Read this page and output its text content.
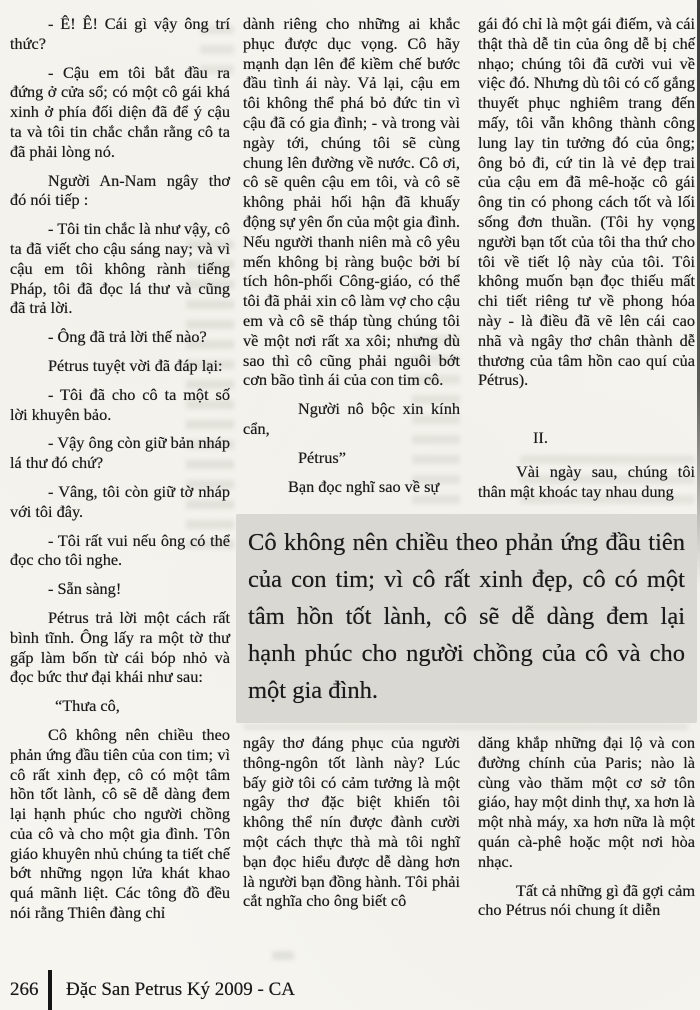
- Ê! Ê! Cái gì vậy ông trí thức?

- Cậu em tôi bắt đầu ra đứng ở cửa sổ; có một cô gái khá xinh ở phía đối diện đã để ý cậu ta và tôi tin chắc chắn rằng cô ta đã phải lòng nó.

Người An-Nam ngây thơ đó nói tiếp :

- Tôi tin chắc là như vậy, cô ta đã viết cho cậu sáng nay; và vì cậu em tôi không rành tiếng Pháp, tôi đã đọc lá thư và cũng đã trả lời.

- Ông đã trả lời thế nào?

Pétrus tuyệt vời đã đáp lại:

- Tôi đã cho cô ta một số lời khuyên bảo.

- Vậy ông còn giữ bản nháp lá thư đó chứ?

- Vâng, tôi còn giữ tờ nháp với tôi đây.

- Tôi rất vui nếu ông có thể đọc cho tôi nghe.

- Sẵn sàng!

Pétrus trả lời một cách rất bình tĩnh. Ông lấy ra một tờ thư gấp làm bốn từ cái bóp nhỏ và đọc bức thư đại khái như sau:

“Thưa cô,

Cô không nên chiều theo phản ứng đầu tiên của con tim; vì cô rất xinh đẹp, cô có một tâm hồn tốt lành, cô sẽ dễ dàng đem lại hạnh phúc cho người chồng của cô và cho một gia đình. Tôn giáo khuyên nhủ chúng ta tiết chế bớt những ngọn lửa khát khao quá mãnh liệt. Các tông đồ đều nói rằng Thiên đàng chỉ

dành riêng cho những ai khắc phục được dục vọng. Cô hãy mạnh dạn lên để kiềm chế bước đầu tình ái này. Vả lại, cậu em tôi không thể phá bỏ đức tin vì cậu đã có gia đình; - và trong vài ngày tới, chúng tôi sẽ cùng chung lên đường về nước. Cô ơi, cô sẽ quên cậu em tôi, và cô sẽ không phải hối hận đã khuấy động sự yên ổn của một gia đình. Nếu người thanh niên mà cô yêu mến không bị ràng buộc bởi bí tích hôn-phối Công-giáo, có thể tôi đã phải xin cô làm vợ cho cậu em và cô sẽ tháp tùng chúng tôi về một nơi rất xa xôi; nhưng dù sao thì cô cũng phải nguôi bớt cơn bão tình ái của con tim cô.

Người nô bộc xin kính cẩn,

Pétrus”

Bạn đọc nghĩ sao về sự

gái đó chỉ là một gái điếm, và cái thật thà dễ tin của ông dễ bị chế nhạo; chúng tôi đã cười vui về việc đó. Nhưng dù tôi có cố gắng thuyết phục nghiêm trang đến mấy, tôi vẫn không thành công lung lay tin tưởng đó của ông; ông bỏ đi, cứ tin là vẻ đẹp trai của cậu em đã mê-hoặc cô gái ông tin có phong cách tốt và lối sống đơn thuần. (Tôi hy vọng người bạn tốt của tôi tha thứ cho tôi về tiết lộ này của tôi. Tôi không muốn bạn đọc thiếu mất chi tiết riêng tư về phong hóa này - là điều đã vẽ lên cái cao nhã và ngây thơ chân thành dễ thương của tâm hồn cao quí của Pétrus).

II.

Vài ngày sau, chúng tôi thân mật khoác tay nhau dung

Cô không nên chiều theo phản ứng đầu tiên của con tim; vì cô rất xinh đẹp, cô có một tâm hồn tốt lành, cô sẽ dễ dàng đem lại hạnh phúc cho người chồng của cô và cho một gia đình.

ngây thơ đáng phục của người thông-ngôn tốt lành này? Lúc bấy giờ tôi có cảm tưởng là một ngây thơ đặc biệt khiến tôi không thể nín được đành cười một cách thực thà mà tôi nghĩ bạn đọc hiểu được dễ dàng hơn là người bạn đồng hành. Tôi phải cắt nghĩa cho ông biết cô

dăng khắp những đại lộ và con đường chính của Paris; nào là cùng vào thăm một cơ sở tôn giáo, hay một dinh thự, xa hơn là một nhà máy, xa hơn nữa là một quán cà-phê hoặc một nơi hòa nhạc.

Tất cả những gì đã gợi cảm cho Pétrus nói chung ít diễn

266	Đặc San Petrus Ký 2009 - CA
